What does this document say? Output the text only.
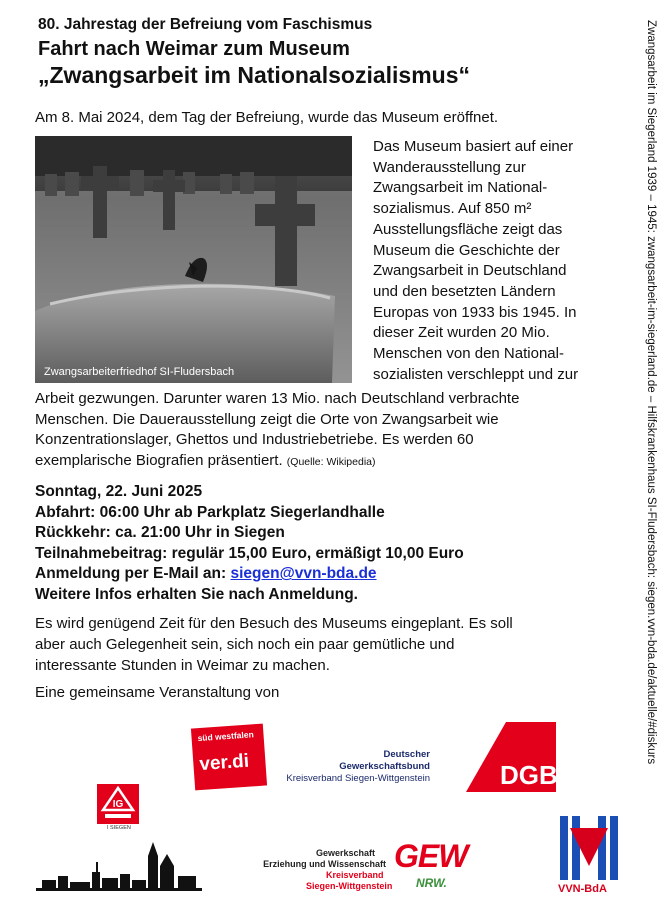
80. Jahrestag der Befreiung vom Faschismus
Fahrt nach Weimar zum Museum
„Zwangsarbeit im Nationalsozialismus“
Am 8. Mai 2024, dem Tag der Befreiung, wurde das Museum eröffnet.
Zwangsarbeiterfriedhof SI-Fludersbach
Das Museum basiert auf einer
Wanderausstellung zur
Zwangsarbeit im National-
sozialismus. Auf 850 m²
Ausstellungsfläche zeigt das
Museum die Geschichte der
Zwangsarbeit in Deutschland
und den besetzten Ländern
Europas von 1933 bis 1945. In
dieser Zeit wurden 20 Mio.
Menschen von den National-
sozialisten verschleppt und zur
Arbeit gezwungen. Darunter waren 13 Mio. nach Deutschland verbrachte
Menschen. Die Dauerausstellung zeigt die Orte von Zwangsarbeit wie
Konzentrationslager, Ghettos und Industriebetriebe. Es werden 60
exemplarische Biografien präsentiert. (Quelle: Wikipedia)
Sonntag, 22. Juni 2025
Abfahrt: 06:00 Uhr ab Parkplatz Siegerlandhalle
Rückkehr: ca. 21:00 Uhr in Siegen
Teilnahmebeitrag: regulär 15,00 Euro, ermäßigt 10,00 Euro
Anmeldung per E-Mail an: siegen@vvn-bda.de
Weitere Infos erhalten Sie nach Anmeldung.
Es wird genügend Zeit für den Besuch des Museums eingeplant. Es soll
aber auch Gelegenheit sein, sich noch ein paar gemütliche und
interessante Stunden in Weimar zu machen.
Eine gemeinsame Veranstaltung von	Zwangsarbeit im Siegerland 1939 – 1945: zwangsarbeit-im-siegerland.de – Hilfskrankenhaus SI-Fludersbach: siegen.vvn-bda.de/aktuelle/#diskurs
süd westfalen
ver.di	Deutscher
Gewerkschaftsbund
Kreisverband Siegen-Wittgenstein	DGB
IG
I SIEGEN
Gewerkschaft
Erziehung und Wissenschaft
Kreisverband
Siegen-Wittgenstein
GEW
NRW.	VVN-BdA
